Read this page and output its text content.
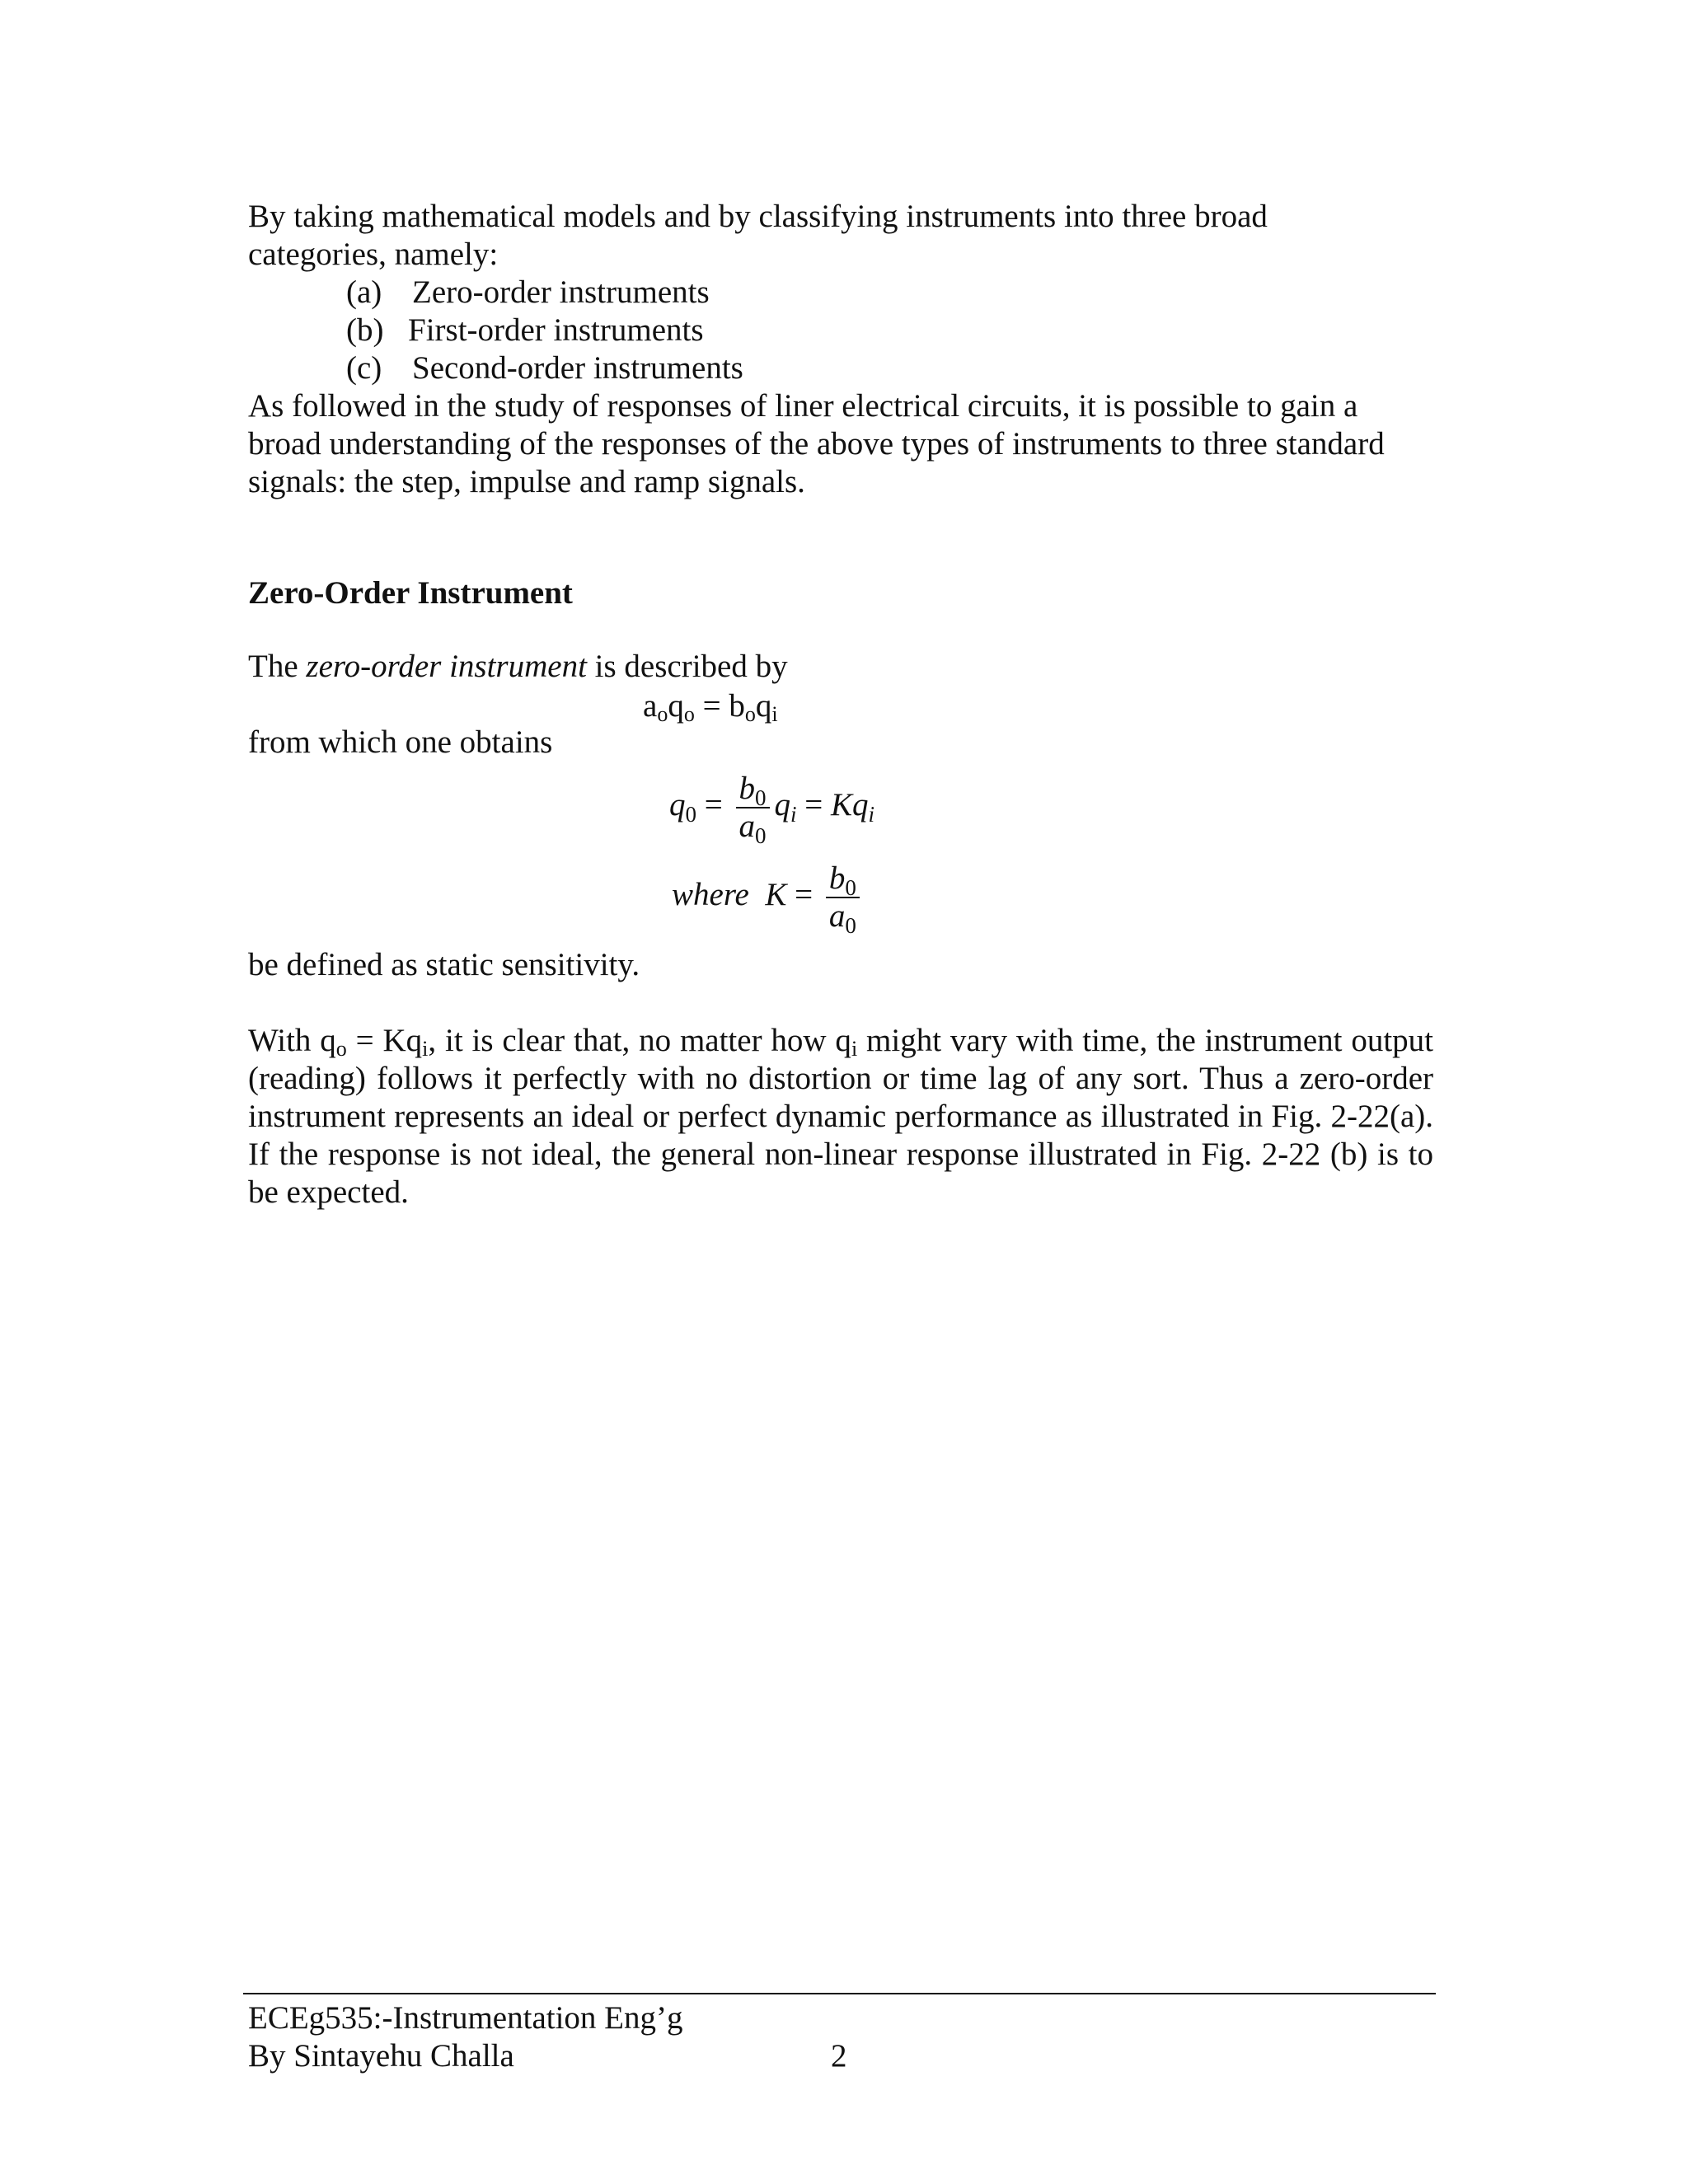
By taking mathematical models and by classifying instruments into three broad

categories, namely:

(a) Zero-order instruments
(b) First-order instruments
(c) Second-order instruments

As followed in the study of responses of liner electrical circuits, it is possible to gain a broad understanding of the responses of the above types of instruments to three standard signals: the step, impulse and ramp signals.

Zero-Order Instrument

The zero-order instrument is described by

$a_oq_o = b_oq_i$

from which one obtains

$q_0 = \frac{b_0}{a_0} q_i = Kq_i$
where $K = \frac{b_0}{a_0}$

be defined as static sensitivity.

With $q_o = Kq_i$, it is clear that, no matter how $q_i$ might vary with time, the instrument output (reading) follows it perfectly with no distortion or time lag of any sort. Thus a zero-order instrument represents an ideal or perfect dynamic performance as illustrated in Fig. 2-22(a). If the response is not ideal, the general non-linear response illustrated in Fig. 2-22 (b) is to be expected.

ECEg535:-Instrumentation Eng’g
By Sintayehu Challa	2
